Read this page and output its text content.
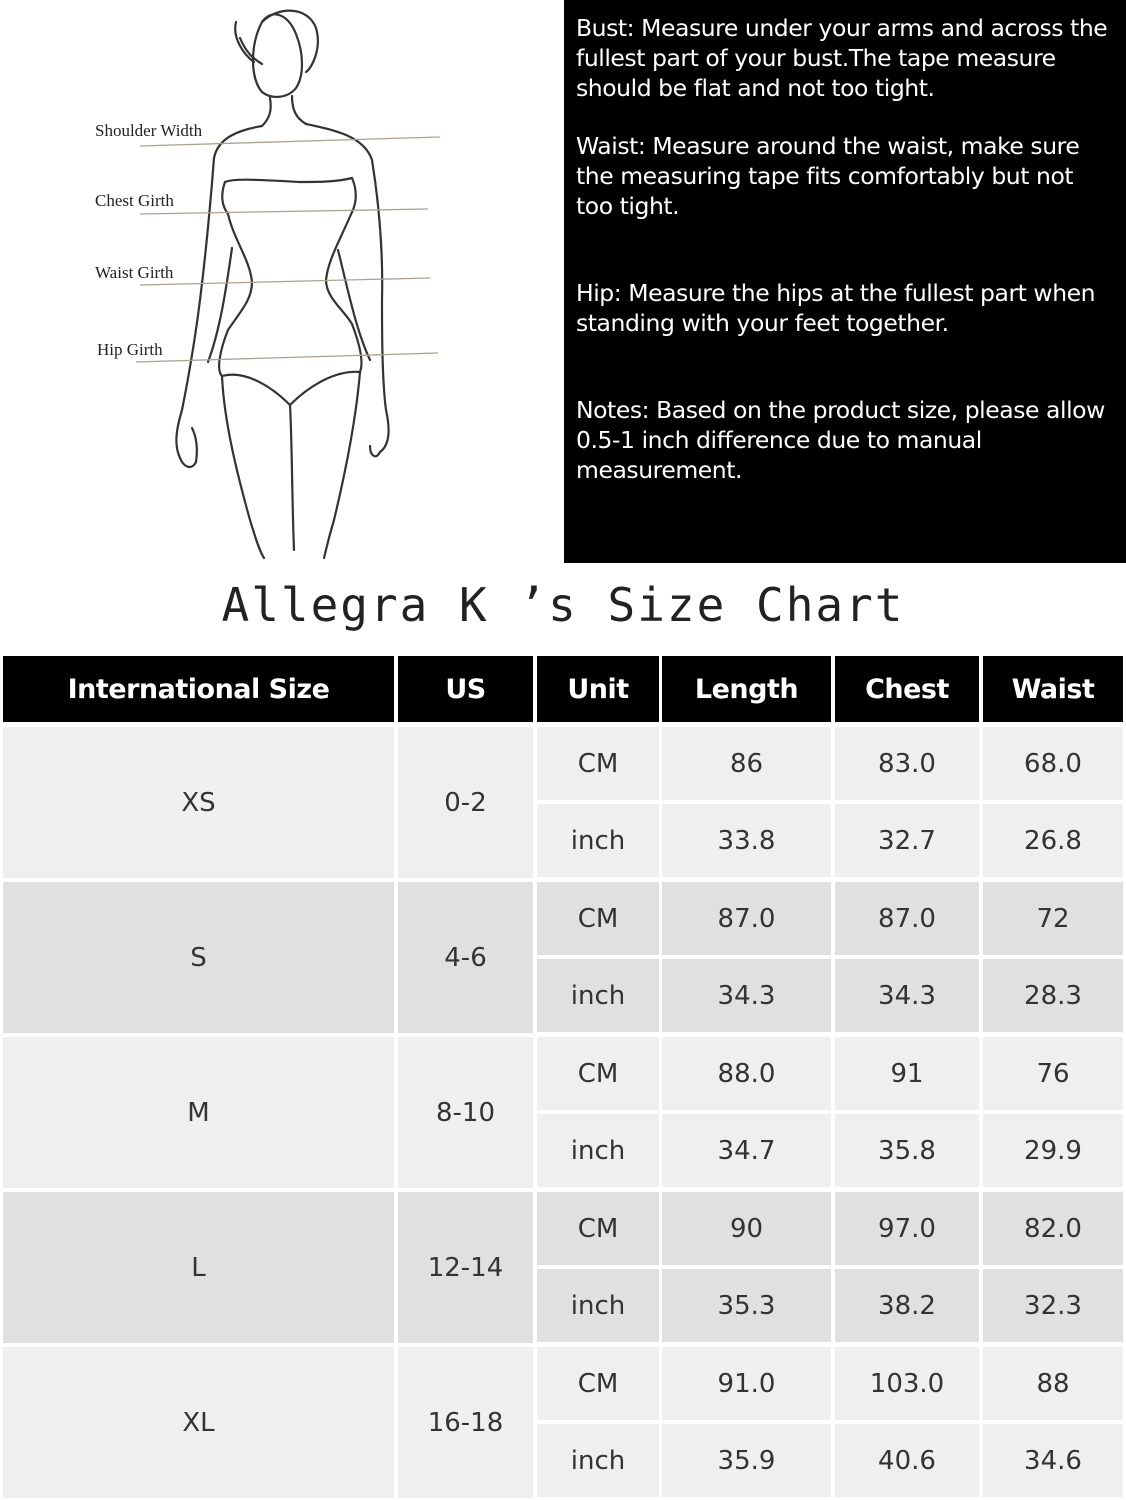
Shoulder Width
Chest Girth
Waist Girth
Hip Girth

Bust: Measure under your arms and across the fullest part of your bust.The tape measure should be flat and not too tight.

Waist: Measure around the waist, make sure the measuring tape fits comfortably but not too tight.

Hip: Measure the hips at the fullest part when standing with your feet together.

Notes: Based on the product size, please allow 0.5-1 inch difference due to manual measurement.

Allegra K ’s Size Chart
International Size	US	Unit	Length	Chest	Waist
XS	0-2
CM	86	83.0	68.0
inch	33.8	32.7	26.8
S	4-6
CM	87.0	87.0	72
inch	34.3	34.3	28.3
M	8-10
CM	88.0	91	76
inch	34.7	35.8	29.9
L	12-14
CM	90	97.0	82.0
inch	35.3	38.2	32.3
XL	16-18
CM	91.0	103.0	88
inch	35.9	40.6	34.6
